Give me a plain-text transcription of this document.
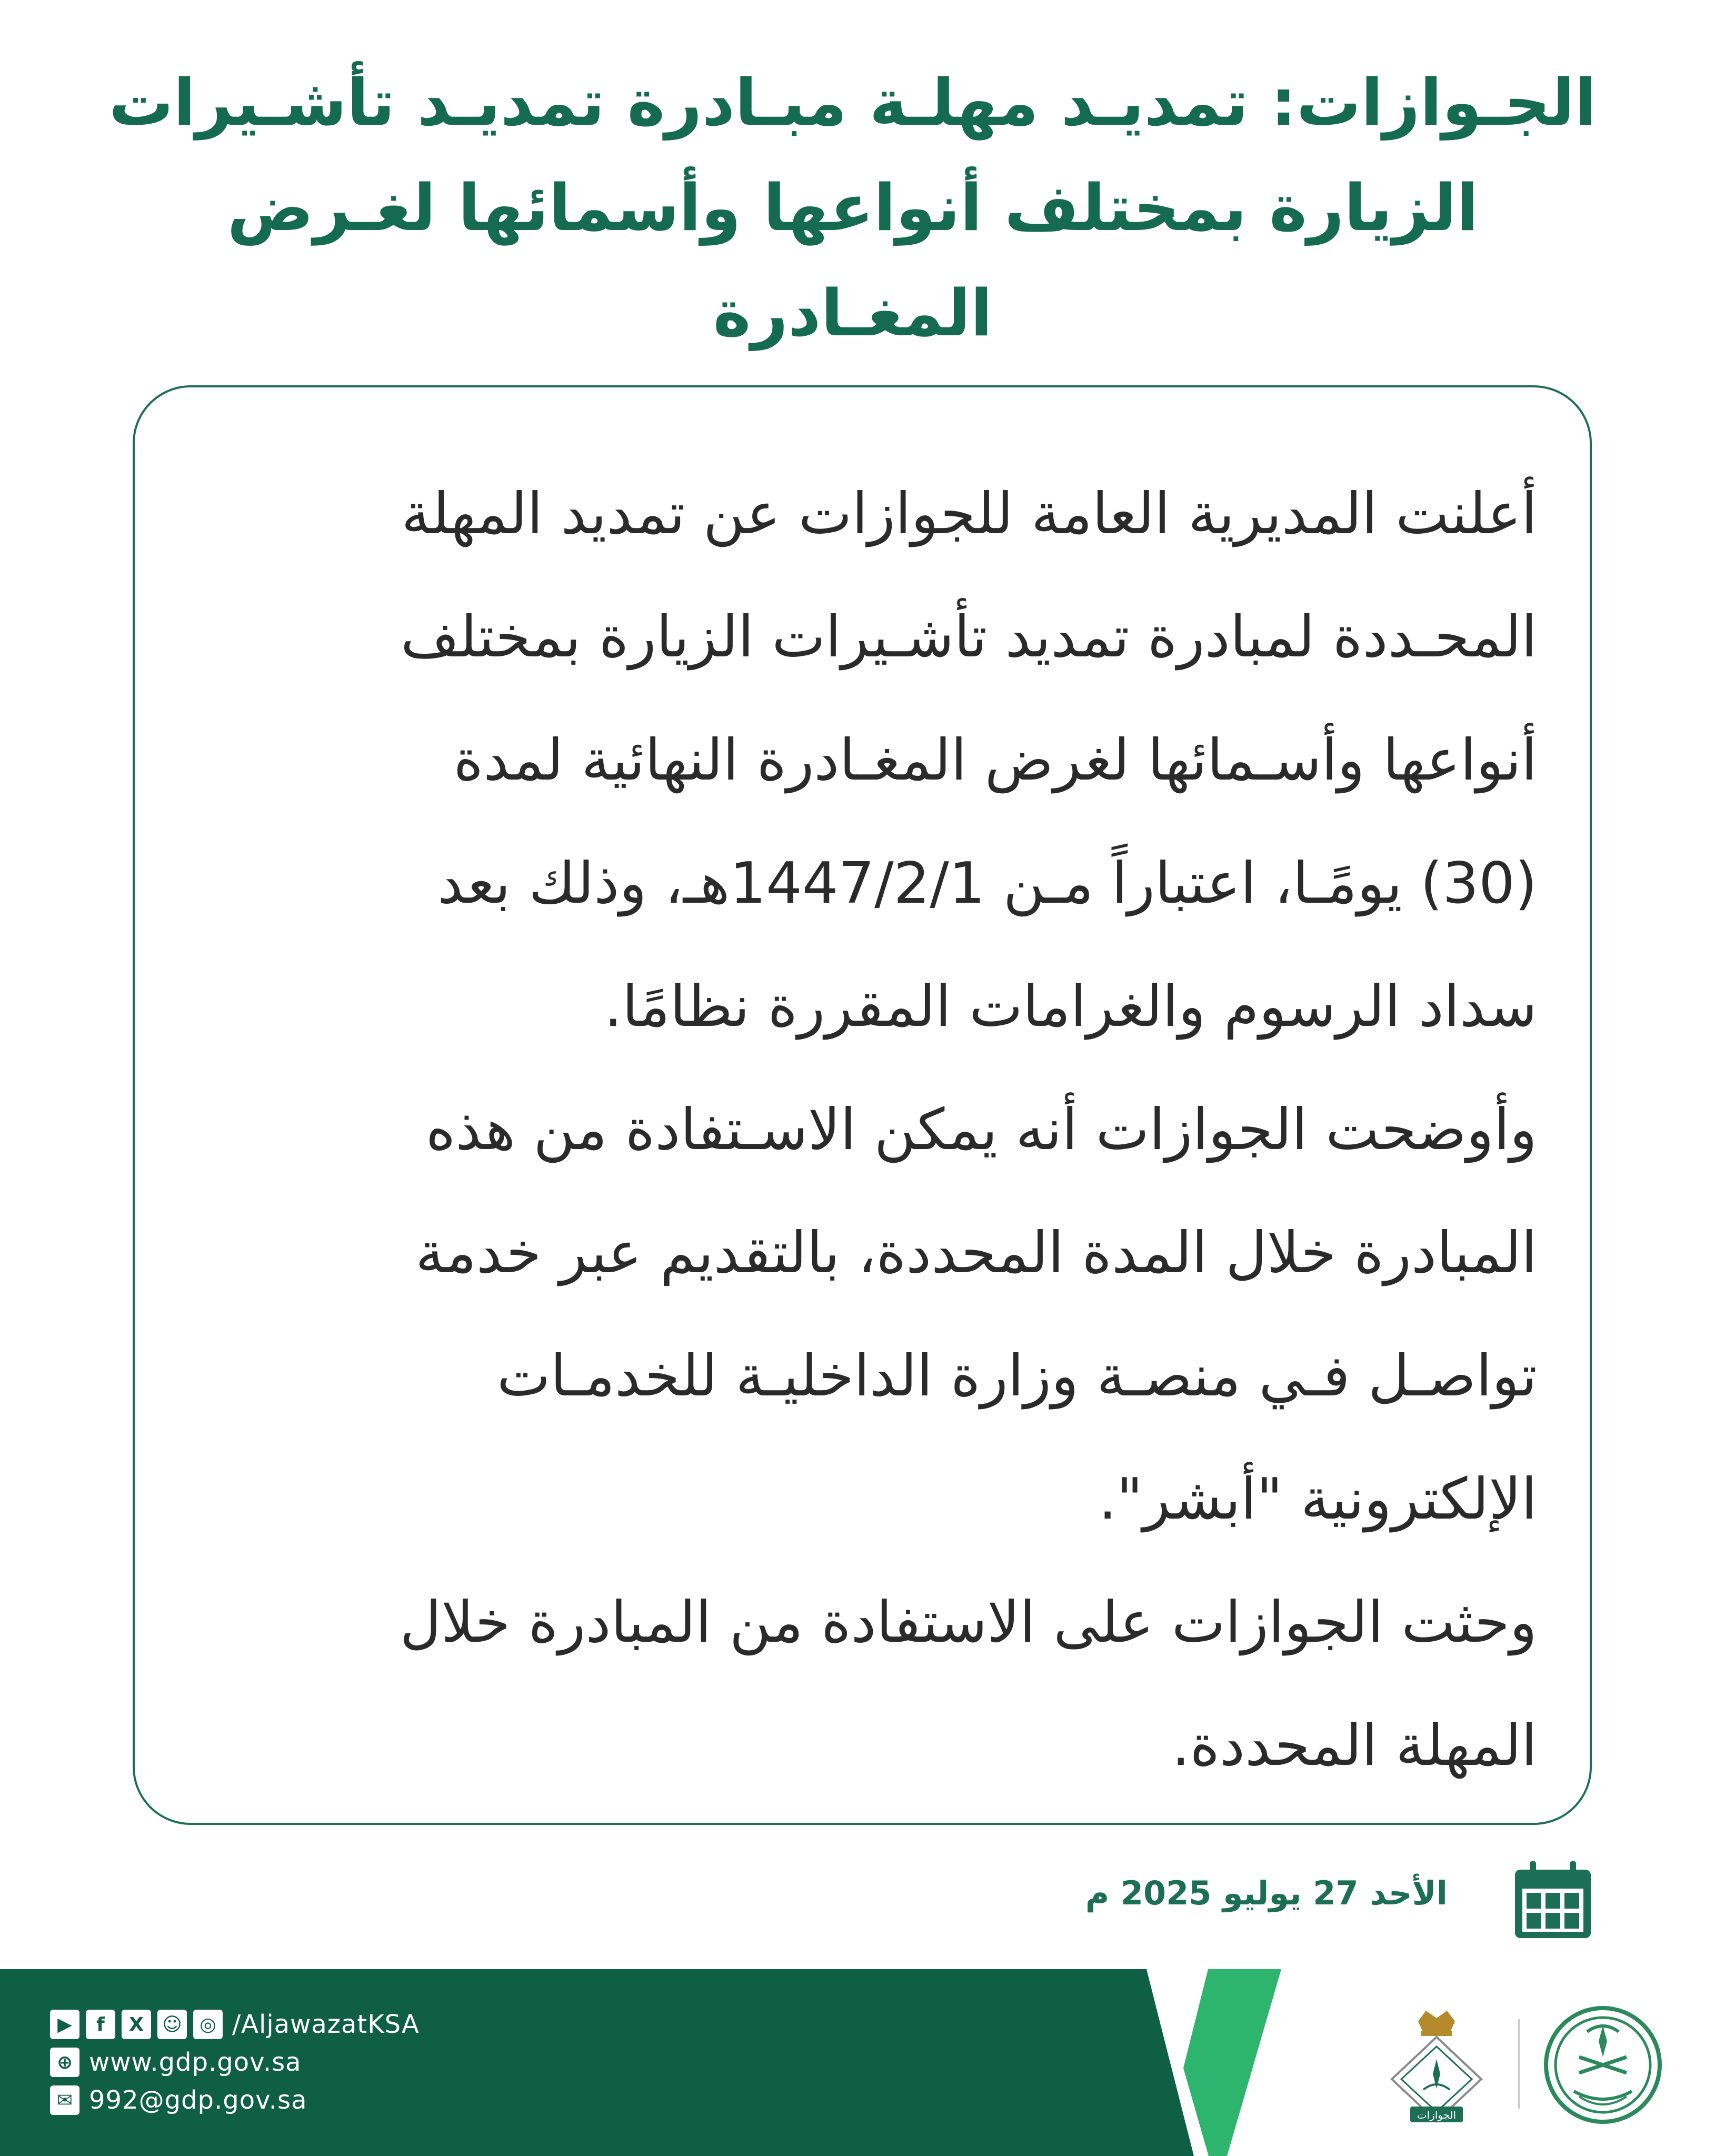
الجـوازات: تمديـد مهلـة مبـادرة تمديـد تأشـيرات
الزيارة بمختلف أنواعها وأسمائها لغـرض المغـادرة
أعلنت المديرية العامة للجوازات عن تمديد المهلة
المحـددة لمبادرة تمديد تأشـيرات الزيارة بمختلف
أنواعها وأسـمائها لغرض المغـادرة النهائية لمدة
(30) يومًـا، اعتباراً مـن 1447/2/1هـ، وذلك بعد
سداد الرسوم والغرامات المقررة نظامًا.
وأوضحت الجوازات أنه يمكن الاسـتفادة من هذه
المبادرة خلال المدة المحددة، بالتقديم عبر خدمة
تواصـل فـي منصـة وزارة الداخليـة للخدمـات
الإلكترونية "أبشر".
وحثت الجوازات على الاستفادة من المبادرة خلال
المهلة المحددة.
الأحد 27 يوليو 2025 م
▶	f	X ☺ ◎ /AljawazatKSA
⊕ www.gdp.gov.sa
✉ 992@gdp.gov.sa	الجوازات
